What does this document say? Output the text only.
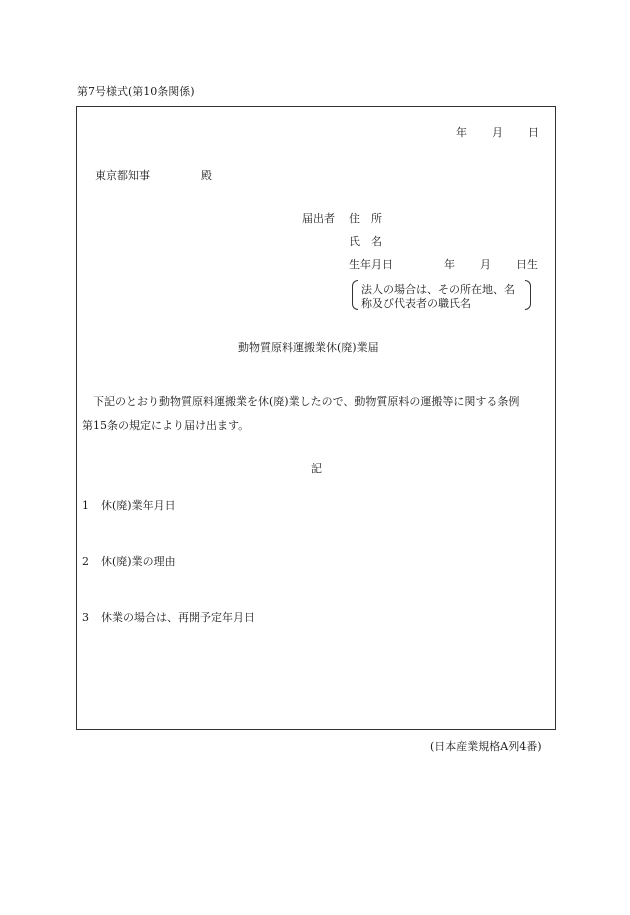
第7号様式(第10条関係)
年 月 日
東京都知事	殿
届出者 住　所
氏　名
生年月日	年 月 日生
法人の場合は、その所在地、名
称及び代表者の職氏名
動物質原料運搬業休(廃)業届
下記のとおり動物質原料運搬業を休(廃)業したので、動物質原料の運搬等に関する条例
第15条の規定により届け出ます。
記
1 休(廃)業年月日
2 休(廃)業の理由
3 休業の場合は、再開予定年月日
(日本産業規格A列4番)
